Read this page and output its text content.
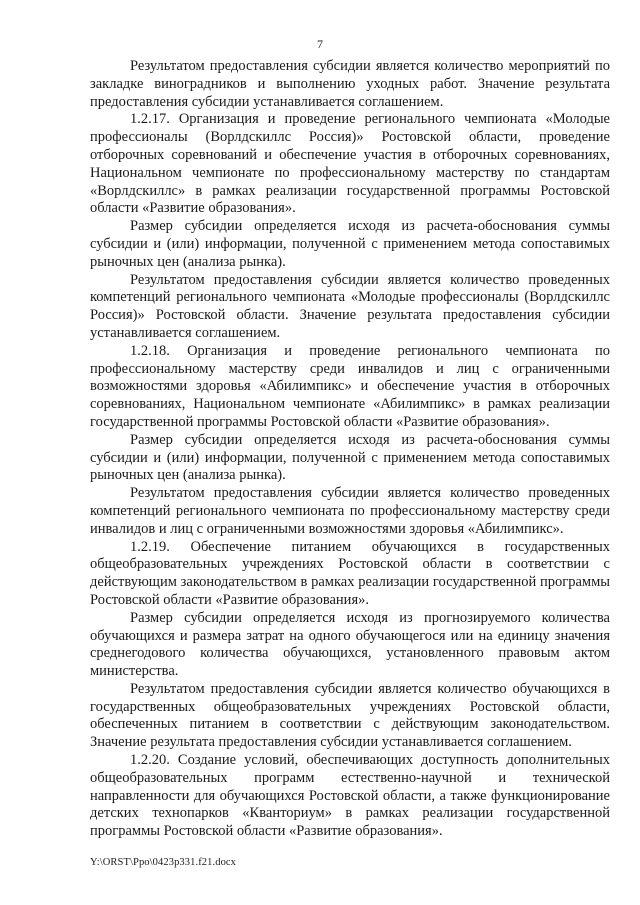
7

Результатом предоставления субсидии является количество мероприятий по закладке виноградников и выполнению уходных работ. Значение результата предоставления субсидии устанавливается соглашением.

1.2.17. Организация и проведение регионального чемпионата «Молодые профессионалы (Ворлдскиллс Россия)» Ростовской области, проведение отборочных соревнований и обеспечение участия в отборочных соревнованиях, Национальном чемпионате по профессиональному мастерству по стандартам «Ворлдскиллс» в рамках реализации государственной программы Ростовской области «Развитие образования».

Размер субсидии определяется исходя из расчета-обоснования суммы субсидии и (или) информации, полученной с применением метода сопоставимых рыночных цен (анализа рынка).

Результатом предоставления субсидии является количество проведенных компетенций регионального чемпионата «Молодые профессионалы (Ворлдскиллс Россия)» Ростовской области. Значение результата предоставления субсидии устанавливается соглашением.

1.2.18. Организация и проведение регионального чемпионата по профессиональному мастерству среди инвалидов и лиц с ограниченными возможностями здоровья «Абилимпикс» и обеспечение участия в отборочных соревнованиях, Национальном чемпионате «Абилимпикс» в рамках реализации государственной программы Ростовской области «Развитие образования».

Размер субсидии определяется исходя из расчета-обоснования суммы субсидии и (или) информации, полученной с применением метода сопоставимых рыночных цен (анализа рынка).

Результатом предоставления субсидии является количество проведенных компетенций регионального чемпионата по профессиональному мастерству среди инвалидов и лиц с ограниченными возможностями здоровья «Абилимпикс».

1.2.19. Обеспечение питанием обучающихся в государственных общеобразовательных учреждениях Ростовской области в соответствии с действующим законодательством в рамках реализации государственной программы Ростовской области «Развитие образования».

Размер субсидии определяется исходя из прогнозируемого количества обучающихся и размера затрат на одного обучающегося или на единицу значения среднегодового количества обучающихся, установленного правовым актом министерства.

Результатом предоставления субсидии является количество обучающихся в государственных общеобразовательных учреждениях Ростовской области, обеспеченных питанием в соответствии с действующим законодательством. Значение результата предоставления субсидии устанавливается соглашением.

1.2.20. Создание условий, обеспечивающих доступность дополнительных общеобразовательных программ естественно-научной и технической направленности для обучающихся Ростовской области, а также функционирование детских технопарков «Кванториум» в рамках реализации государственной программы Ростовской области «Развитие образования».

Y:\ORST\Ppo\0423p331.f21.docx
